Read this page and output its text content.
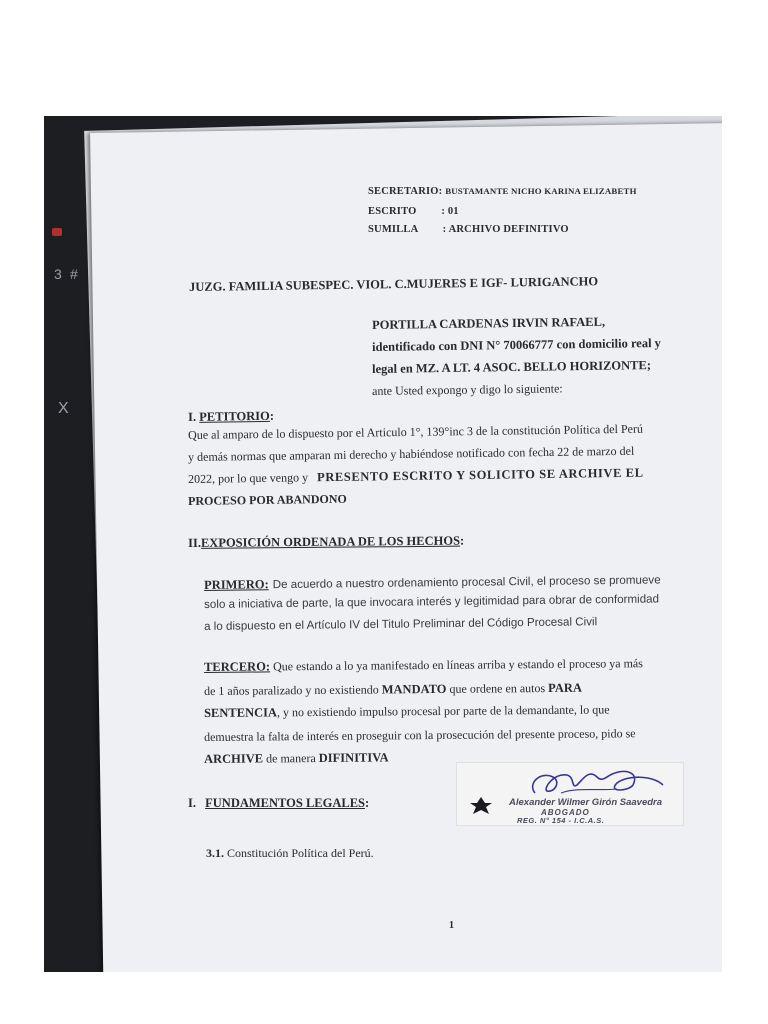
3 #
X
SECRETARIO: BUSTAMANTE NICHO KARINA ELIZABETH
ESCRITO : 01
SUMILLA : ARCHIVO DEFINITIVO
JUZG. FAMILIA SUBESPEC. VIOL. C.MUJERES E IGF- LURIGANCHO
PORTILLA CARDENAS IRVIN RAFAEL,
identificado con DNI N° 70066777 con domicilio real y
legal en MZ. A LT. 4 ASOC. BELLO HORIZONTE;
ante Usted expongo y digo lo siguiente:
I. PETITORIO:
Que al amparo de lo dispuesto por el Articulo 1°, 139°inc 3 de la constitución Política del Perú
y demás normas que amparan mi derecho y habiéndose notificado con fecha 22 de marzo del
2022, por lo que vengo y PRESENTO ESCRITO Y SOLICITO SE ARCHIVE EL
PROCESO POR ABANDONO
II.EXPOSICIÓN ORDENADA DE LOS HECHOS:
PRIMERO: De acuerdo a nuestro ordenamiento procesal Civil, el proceso se promueve
solo a iniciativa de parte, la que invocara interés y legitimidad para obrar de conformidad
a lo dispuesto en el Artículo IV del Titulo Preliminar del Código Procesal Civil
TERCERO: Que estando a lo ya manifestado en líneas arriba y estando el proceso ya más
de 1 años paralizado y no existiendo MANDATO que ordene en autos PARA
SENTENCIA, y no existiendo impulso procesal por parte de la demandante, lo que
demuestra la falta de interés en proseguir con la prosecución del presente proceso, pido se
ARCHIVE de manera DIFINITIVA
Alexander Wilmer Girón Saavedra
ABOGADO
REG. N° 154 - I.C.A.S.
I. FUNDAMENTOS LEGALES:
3.1. Constitución Política del Perú.
1
